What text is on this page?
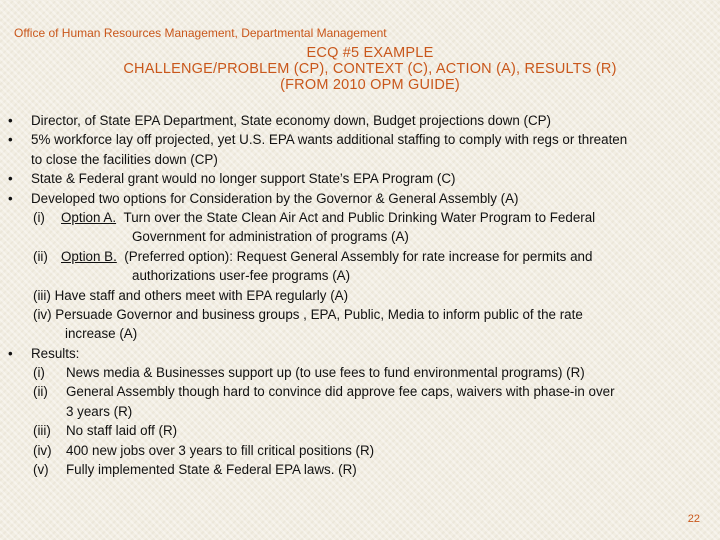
Office of Human Resources Management, Departmental Management
ECQ #5 EXAMPLE
CHALLENGE/PROBLEM (CP), CONTEXT (C), ACTION (A), RESULTS (R)
(FROM 2010 OPM GUIDE)
• Director, of State EPA Department, State economy down, Budget projections down (CP)
• 5% workforce lay off projected, yet U.S. EPA wants additional staffing to comply with regs or threaten
to close the facilities down (CP)
• State & Federal grant would no longer support State’s EPA Program (C)
• Developed two options for Consideration by the Governor & General Assembly (A)
(i) Option A. Turn over the State Clean Air Act and Public Drinking Water Program to Federal
Government for administration of programs (A)
(ii) Option B. (Preferred option): Request General Assembly for rate increase for permits and
authorizations user-fee programs (A)
(iii) Have staff and others meet with EPA regularly (A)
(iv) Persuade Governor and business groups , EPA, Public, Media to inform public of the rate
increase (A)
• Results:
(i) News media & Businesses support up (to use fees to fund environmental programs) (R)
(ii) General Assembly though hard to convince did approve fee caps, waivers with phase-in over
3 years (R)
(iii) No staff laid off (R)
(iv) 400 new jobs over 3 years to fill critical positions (R)
(v) Fully implemented State & Federal EPA laws. (R)
22
